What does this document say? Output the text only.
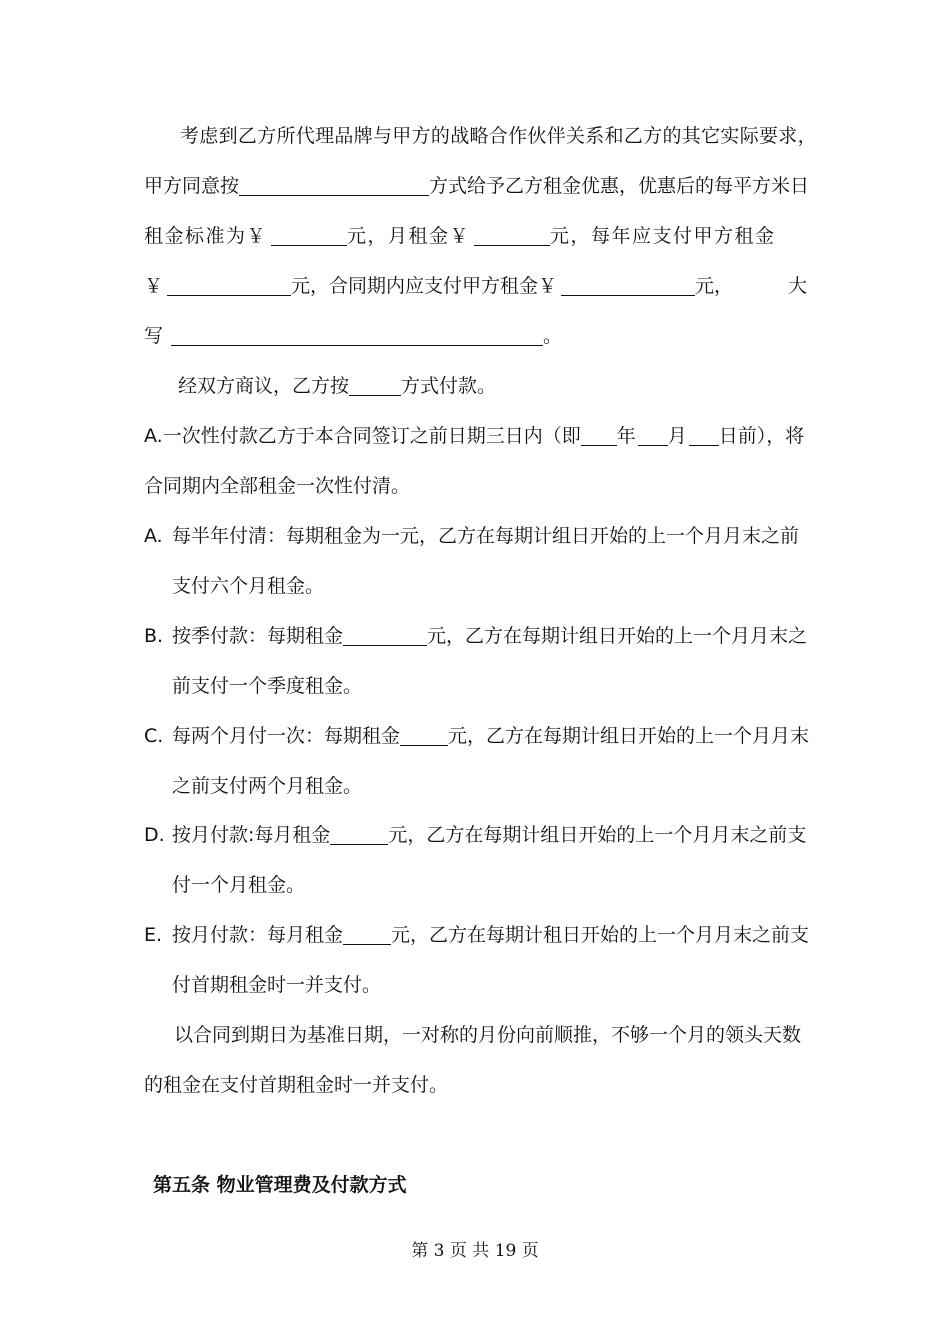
考虑到乙方所代理品牌与甲方的战略合作伙伴关系和乙方的其它实际要求，
甲方同意按	方式给予乙方租金优惠，优惠后的每平方米日
租金标准为￥	元，月租金￥	元，每年应支付甲方租金
￥	元，合同期内应支付甲方租金￥	元，	大
写	。
经双方商议，乙方按	方式付款。
A.一次性付款乙方于本合同签订之前日期三日内（即 年 月 日前），将
合同期内全部租金一次性付清。
A. 每半年付清：每期租金为一元，乙方在每期计组日开始的上一个月月末之前
支付六个月租金。
B. 按季付款：每期租金	元，乙方在每期计组日开始的上一个月月末之
前支付一个季度租金。
C. 每两个月付一次：每期租金	元，乙方在每期计组日开始的上一个月月末
之前支付两个月租金。
D. 按月付款:每月租金	元，乙方在每期计组日开始的上一个月月末之前支
付一个月租金。
E. 按月付款：每月租金	元，乙方在每期计租日开始的上一个月月末之前支
付首期租金时一并支付。
以合同到期日为基准日期，一对称的月份向前顺推，不够一个月的领头天数
的租金在支付首期租金时一并支付。
第五条 物业管理费及付款方式
第 3 页 共 19 页
